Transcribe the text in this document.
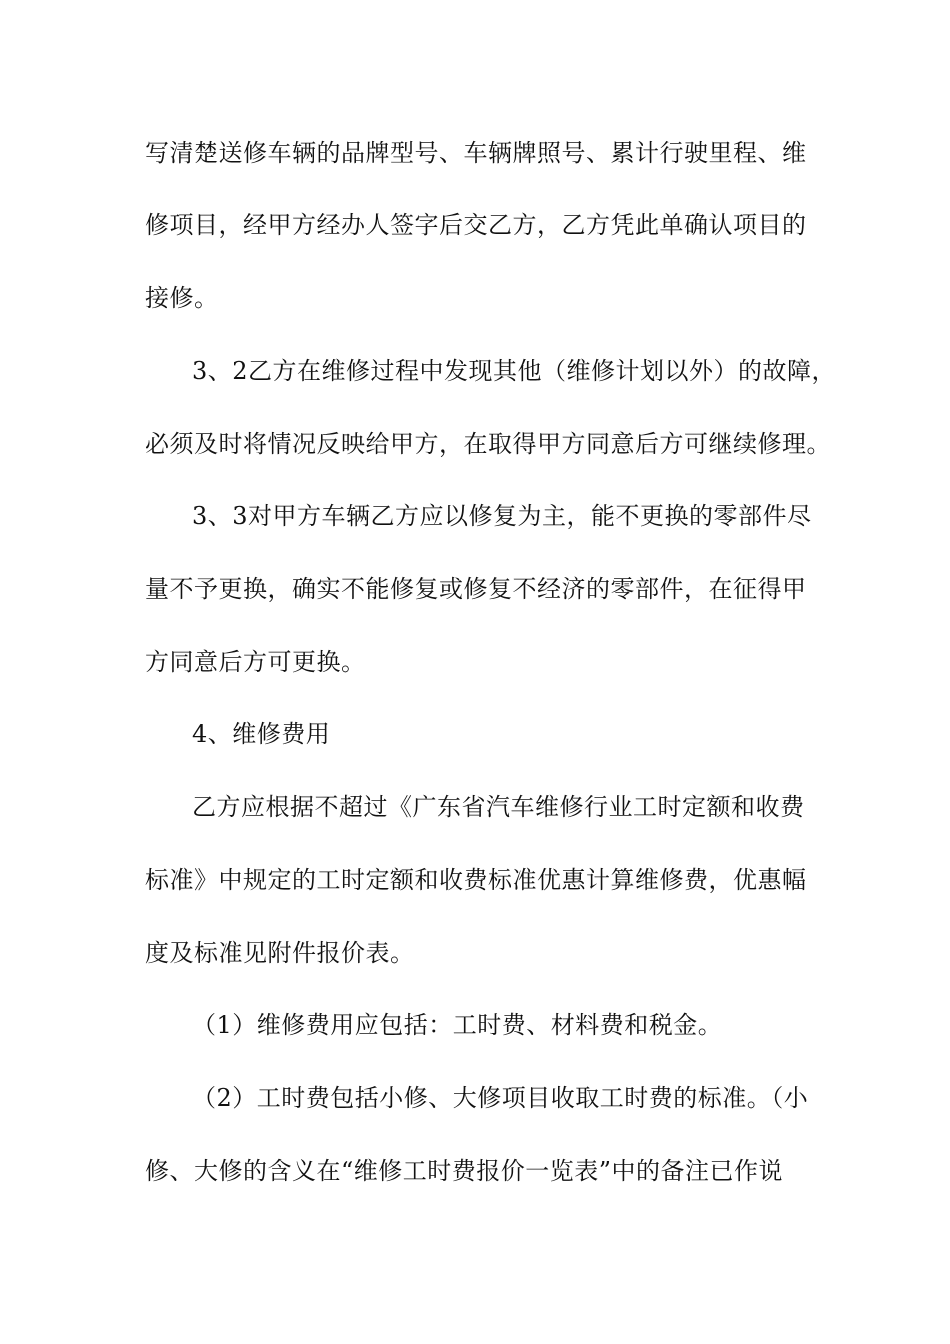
写清楚送修车辆的品牌型号、车辆牌照号、累计行驶里程、维
修项目，经甲方经办人签字后交乙方，乙方凭此单确认项目的
接修。
3、2乙方在维修过程中发现其他（维修计划以外）的故障，
必须及时将情况反映给甲方，在取得甲方同意后方可继续修理。
3、3对甲方车辆乙方应以修复为主，能不更换的零部件尽
量不予更换，确实不能修复或修复不经济的零部件，在征得甲
方同意后方可更换。
4、维修费用
乙方应根据不超过《广东省汽车维修行业工时定额和收费
标准》中规定的工时定额和收费标准优惠计算维修费，优惠幅
度及标准见附件报价表。
（1）维修费用应包括：工时费、材料费和税金。
（2）工时费包括小修、大修项目收取工时费的标准。（小
修、大修的含义在“维修工时费报价一览表”中的备注已作说
